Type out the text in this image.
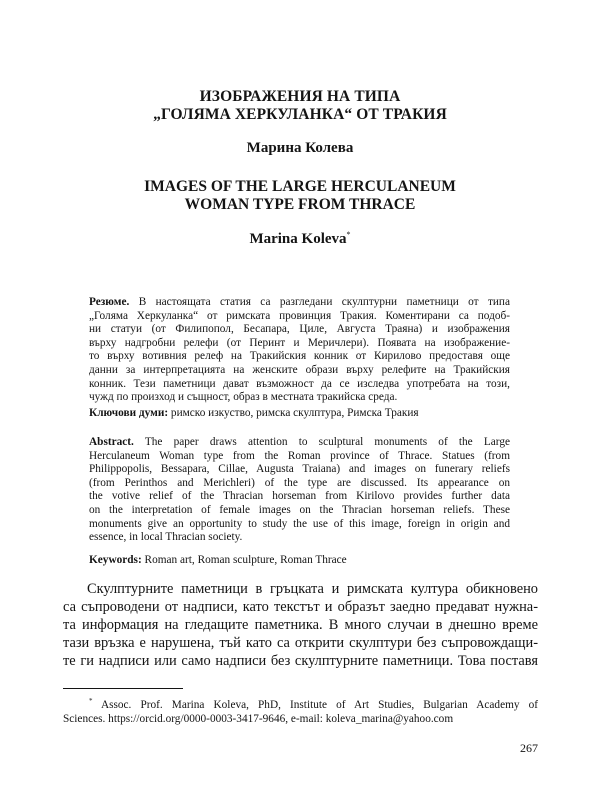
ИЗОБРАЖЕНИЯ НА ТИПА
„ГОЛЯМА ХЕРКУЛАНКА“ ОТ ТРАКИЯ
Марина Колева
IMAGES OF THE LARGE HERCULANEUM
WOMAN TYPE FROM THRACE
Marina Koleva*
Резюме. В настоящата статия са разгледани скулптурни паметници от типа
„Голяма Херкуланка“ от римската провинция Тракия. Коментирани са подоб-
ни статуи (от Филипопол, Бесапара, Циле, Августа Траяна) и изображения
върху надгробни релефи (от Перинт и Меричлери). Появата на изображение-
то върху вотивния релеф на Тракийския конник от Кирилово предоставя още
данни за интерпретацията на женските образи върху релефите на Тракийския
конник. Тези паметници дават възможност да се изследва употребата на този,
чужд по произход и същност, образ в местната тракийска среда.
Ключови думи: римско изкуство, римска скулптура, Римска Тракия
Abstract. The paper draws attention to sculptural monuments of the Large
Herculaneum Woman type from the Roman province of Thrace. Statues (from
Philippopolis, Bessapara, Cillae, Augusta Traiana) and images on funerary reliefs
(from Perinthos and Merichleri) of the type are discussed. Its appearance on
the votive relief of the Thracian horseman from Kirilovo provides further data
on the interpretation of female images on the Thracian horseman reliefs. These
monuments give an opportunity to study the use of this image, foreign in origin and
essence, in local Thracian society.
Keywords: Roman art, Roman sculpture, Roman Thrace
Скулптурните паметници в гръцката и римската култура обикновено
са съпроводени от надписи, като текстът и образът заедно предават нужна-
та информация на гледащите паметника. В много случаи в днешно време
тази връзка е нарушена, тъй като са открити скулптури без съпровождащи-
те ги надписи или само надписи без скулптурните паметници. Това поставя
* Assoc. Prof. Marina Koleva, PhD, Institute of Art Studies, Bulgarian Academy of
Sciences. https://orcid.org/0000-0003-3417-9646, e-mail: koleva_marina@yahoo.com
267
